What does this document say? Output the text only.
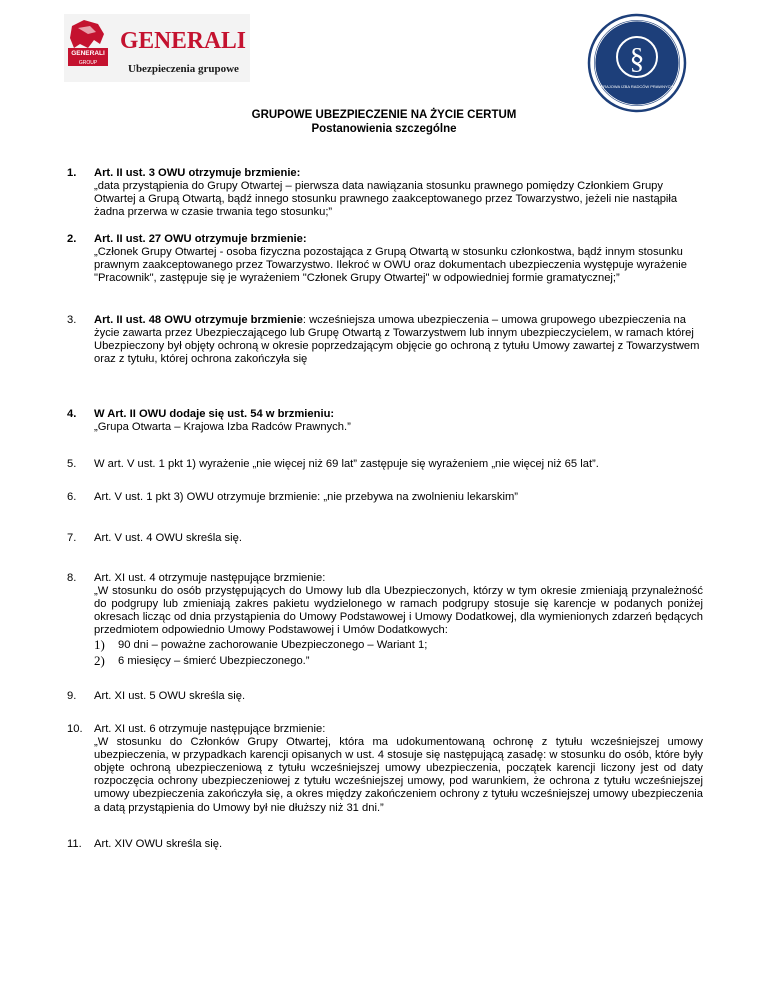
GENERALI
GROUP
GENERALI
Ubezpieczenia grupowe	§
KRAJOWA IZBA RADCÓW PRAWNYCH
GRUPOWE UBEZPIECZENIE NA ŻYCIE CERTUM
Postanowienia szczególne
1.	Art. II ust. 3 OWU otrzymuje brzmienie:
„data przystąpienia do Grupy Otwartej – pierwsza data nawiązania stosunku prawnego pomiędzy Członkiem Grupy Otwartej a Grupą Otwartą, bądź innego stosunku prawnego zaakceptowanego przez Towarzystwo, jeżeli nie nastąpiła żadna przerwa w czasie trwania tego stosunku;”
2.	Art. II ust. 27 OWU otrzymuje brzmienie:
„Członek Grupy Otwartej - osoba fizyczna pozostająca z Grupą Otwartą w stosunku członkostwa, bądź innym stosunku prawnym zaakceptowanego przez Towarzystwo. Ilekroć w OWU oraz dokumentach ubezpieczenia występuje wyrażenie "Pracownik", zastępuje się je wyrażeniem "Członek Grupy Otwartej" w odpowiedniej formie gramatycznej;”
3.	Art. II ust. 48 OWU otrzymuje brzmienie: wcześniejsza umowa ubezpieczenia – umowa grupowego ubezpieczenia na życie zawarta przez Ubezpieczającego lub Grupę Otwartą z Towarzystwem lub innym ubezpieczycielem, w ramach której Ubezpieczony był objęty ochroną w okresie poprzedzającym objęcie go ochroną z tytułu Umowy zawartej z Towarzystwem oraz z tytułu, której ochrona zakończyła się
4.	W Art. II OWU dodaje się ust. 54 w brzmieniu:
„Grupa Otwarta – Krajowa Izba Radców Prawnych.”
5.	W art. V ust. 1 pkt 1) wyrażenie „nie więcej niż 69 lat” zastępuje się wyrażeniem „nie więcej niż 65 lat”.
6.	Art. V ust. 1 pkt 3) OWU otrzymuje brzmienie: „nie przebywa na zwolnieniu lekarskim”
7.	Art. V ust. 4 OWU skreśla się.
8.	Art. XI ust. 4 otrzymuje następujące brzmienie:
„W stosunku do osób przystępujących do Umowy lub dla Ubezpieczonych, którzy w tym okresie zmieniają przynależność do podgrupy lub zmieniają zakres pakietu wydzielonego w ramach podgrupy stosuje się karencje w podanych poniżej okresach licząc od dnia przystąpienia do Umowy Podstawowej i Umowy Dodatkowej, dla wymienionych zdarzeń będących przedmiotem odpowiednio Umowy Podstawowej i Umów Dodatkowych:
1) 90 dni – poważne zachorowanie Ubezpieczonego – Wariant 1;
2) 6 miesięcy – śmierć Ubezpieczonego.”
9.	Art. XI ust. 5 OWU skreśla się.
10.	Art. XI ust. 6 otrzymuje następujące brzmienie:
„W stosunku do Członków Grupy Otwartej, która ma udokumentowaną ochronę z tytułu wcześniejszej umowy ubezpieczenia, w przypadkach karencji opisanych w ust. 4 stosuje się następującą zasadę: w stosunku do osób, które były objęte ochroną ubezpieczeniową z tytułu wcześniejszej umowy ubezpieczenia, początek karencji liczony jest od daty rozpoczęcia ochrony ubezpieczeniowej z tytułu wcześniejszej umowy, pod warunkiem, że ochrona z tytułu wcześniejszej umowy ubezpieczenia zakończyła się, a okres między zakończeniem ochrony z tytułu wcześniejszej umowy ubezpieczenia a datą przystąpienia do Umowy był nie dłuższy niż 31 dni.”
11.	Art. XIV OWU skreśla się.
